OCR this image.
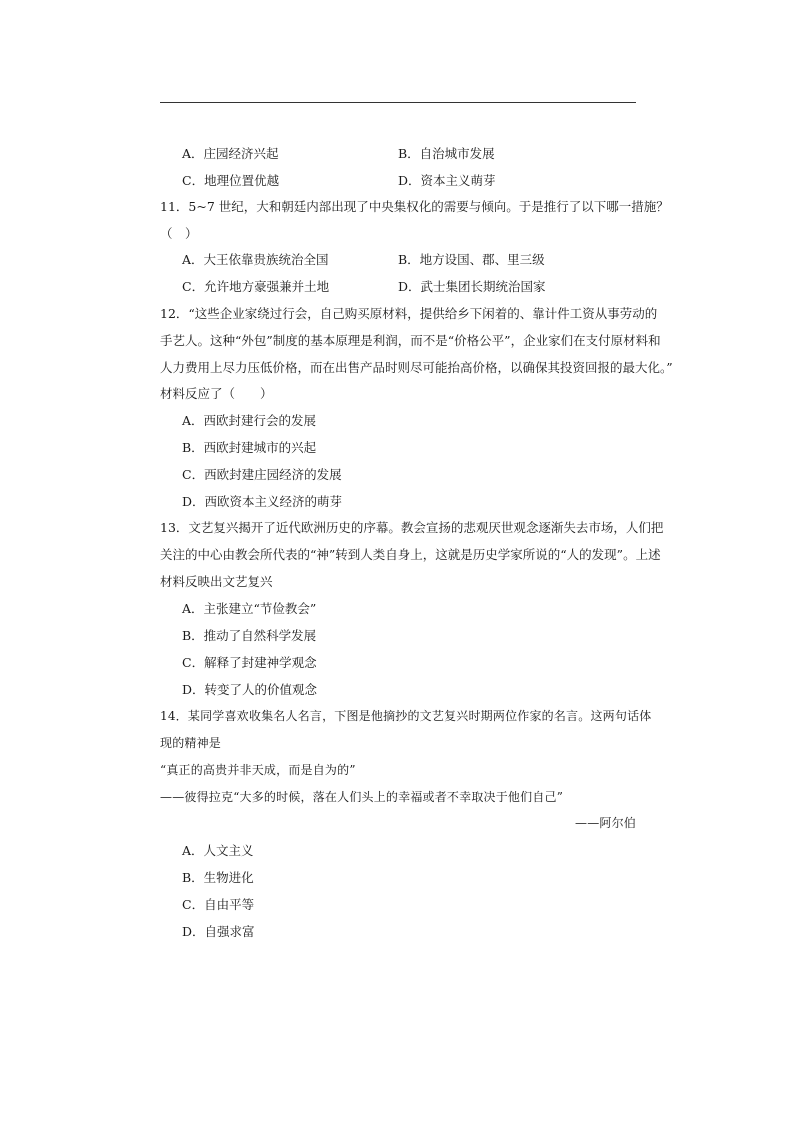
A．庄园经济兴起	B．自治城市发展
C．地理位置优越	D．资本主义萌芽
11．5~7 世纪，大和朝廷内部出现了中央集权化的需要与倾向。于是推行了以下哪一措施？
（　）
A．大王依靠贵族统治全国	B．地方设国、郡、里三级
C．允许地方豪强兼并土地	D．武士集团长期统治国家
12．“这些企业家绕过行会，自己购买原材料，提供给乡下闲着的、靠计件工资从事劳动的
手艺人。这种“外包”制度的基本原理是利润，而不是“价格公平”，企业家们在支付原材料和
人力费用上尽力压低价格，而在出售产品时则尽可能抬高价格，以确保其投资回报的最大化。”
材料反应了（　　）
A．西欧封建行会的发展
B．西欧封建城市的兴起
C．西欧封建庄园经济的发展
D．西欧资本主义经济的萌芽
13．文艺复兴揭开了近代欧洲历史的序幕。教会宣扬的悲观厌世观念逐渐失去市场，人们把
关注的中心由教会所代表的“神”转到人类自身上，这就是历史学家所说的“人的发现”。上述
材料反映出文艺复兴
A．主张建立“节俭教会”
B．推动了自然科学发展
C．解释了封建神学观念
D．转变了人的价值观念
14．某同学喜欢收集名人名言，下图是他摘抄的文艺复兴时期两位作家的名言。这两句话体
现的精神是
“真正的高贵并非天成，而是自为的”
——彼得拉克“大多的时候，落在人们头上的幸福或者不幸取决于他们自己”
——阿尔伯
A．人文主义
B．生物进化
C．自由平等
D．自强求富
